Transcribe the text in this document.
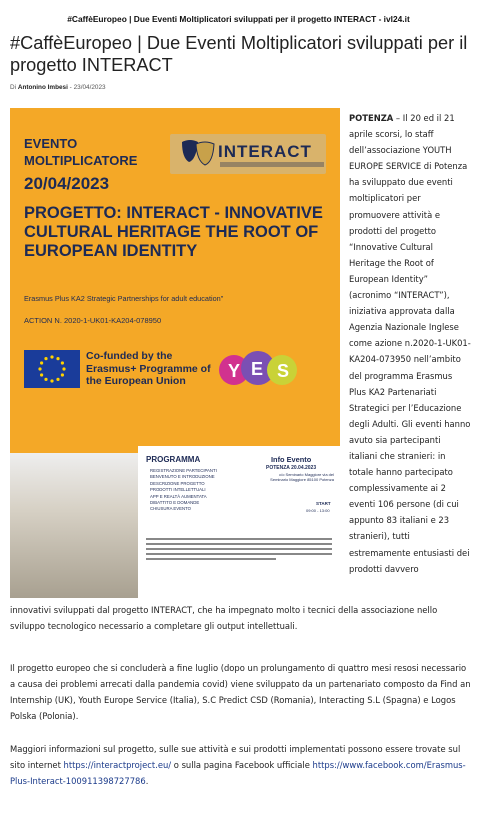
#CaffèEuropeo | Due Eventi Moltiplicatori sviluppati per il progetto INTERACT - ivl24.it
#CaffèEuropeo | Due Eventi Moltiplicatori sviluppati per il progetto INTERACT
Di Antonino Imbesi - 23/04/2023
EVENTO
MOLTIPLICATORE
20/04/2023
INTERACT
PROGETTO: INTERACT - INNOVATIVE CULTURAL HERITAGE THE ROOT OF EUROPEAN IDENTITY
Erasmus Plus KA2 Strategic Partnerships for adult education"
ACTION N. 2020-1-UK01-KA204-078950
Co-funded by the Erasmus+ Programme of the European Union	Y E S
PROGRAMMA
REGISTRAZIONE PARTECIPANTI
BENVENUTO E INTRODUZIONE
DESCRIZIONE PROGETTO
PRODOTTI INTELLETTUALI
APP E REALTÀ AUMENTATA
DIBATTITO E DOMANDE
CHIUSURA EVENTO
Info Evento
POTENZA 20.04.2023
c/o Seminario Maggiore via del Seminario Maggiore 85100 Potenza
START
09:00 - 13:00

POTENZA – Il 20 ed il 21 aprile scorsi, lo staff dell’associazione YOUTH EUROPE SERVICE di Potenza ha sviluppato due eventi moltiplicatori per promuovere attività e prodotti del progetto “Innovative Cultural Heritage the Root of European Identity” (acronimo “INTERACT”), iniziativa approvata dalla Agenzia Nazionale Inglese come azione n.2020-1-UK01-KA204-073950 nell’ambito del programma Erasmus Plus KA2 Partenariati Strategici per l’Educazione degli Adulti. Gli eventi hanno avuto sia partecipanti italiani che stranieri: in totale hanno partecipato complessivamente ai 2 eventi 106 persone (di cui appunto 83 italiani e 23 stranieri), tutti estremamente entusiasti dei prodotti davvero

innovativi sviluppati dal progetto INTERACT, che ha impegnato molto i tecnici della associazione nello sviluppo tecnologico necessario a completare gli output intellettuali.

Il progetto europeo che si concluderà a fine luglio (dopo un prolungamento di quattro mesi resosi necessario a causa dei problemi arrecati dalla pandemia covid) viene sviluppato da un partenariato composto da Find an Internship (UK), Youth Europe Service (Italia), S.C Predict CSD (Romania), Interacting S.L (Spagna) e Logos Polska (Polonia).

Maggiori informazioni sul progetto, sulle sue attività e sui prodotti implementati possono essere trovate sul sito internet https://interactproject.eu/ o sulla pagina Facebook ufficiale https://www.facebook.com/Erasmus-Plus-Interact-100911398727786.
